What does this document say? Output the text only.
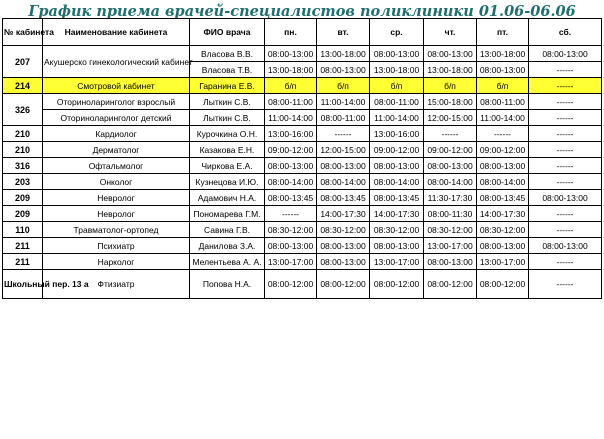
График приема врачей-специалистов поликлиники 01.06-06.06
№ кабинета	Наименование кабинета	ФИО врача	пн.	вт.	ср.	чт.	пт.	сб.
207	Акушерско гинекологический кабинет	Власова В.В.	08:00-13:00	13:00-18:00	08:00-13:00	08:00-13:00	13:00-18:00	08:00-13:00
		Власова Т.В.	13:00-18:00	08:00-13:00	13:00-18:00	13:00-18:00	08:00-13:00	------
214	Смотровой кабинет	Гаранина Е.В.	б/п	б/п	б/п	б/п	б/п	------
326	Оториноларинголог взрослый	Лыткин С.В.	08:00-11:00	11:00-14:00	08:00-11:00	15:00-18:00	08:00-11:00	------
	Оториноларинголог детский	Лыткин С.В.	11:00-14:00	08:00-11:00	11:00-14:00	12:00-15:00	11:00-14:00	------
210	Кардиолог	Курочкина О.Н.	13:00-16:00	------	13:00-16:00	------	------	------
210	Дерматолог	Казакова Е.Н.	09:00-12:00	12:00-15:00	09:00-12:00	09:00-12:00	09:00-12:00	------
316	Офтальмолог	Чиркова Е.А.	08:00-13:00	08:00-13:00	08:00-13:00	08:00-13:00	08:00-13:00	------
203	Онколог	Кузнецова И.Ю.	08:00-14:00	08:00-14:00	08:00-14:00	08:00-14:00	08:00-14:00	------
209	Невролог	Адамович Н.А.	08:00-13:45	08:00-13:45	08:00-13:45	11:30-17:30	08:00-13:45	08:00-13:00
209	Невролог	Пономарева Г.М.	------	14:00-17:30	14:00-17:30	08:00-11:30	14:00-17:30	------
110	Травматолог-ортопед	Савина Г.В.	08:30-12:00	08:30-12:00	08:30-12:00	08:30-12:00	08:30-12:00	------
211	Психиатр	Данилова З.А.	08:00-13:00	08:00-13:00	08:00-13:00	13:00-17:00	08:00-13:00	08:00-13:00
211	Нарколог	Мелентьева А. А.	13:00-17:00	08:00-13:00	13:00-17:00	08:00-13:00	13:00-17:00	------
Школьный пер. 13 а	Фтизиатр	Попова Н.А.	08:00-12:00	08:00-12:00	08:00-12:00	08:00-12:00	08:00-12:00	------
